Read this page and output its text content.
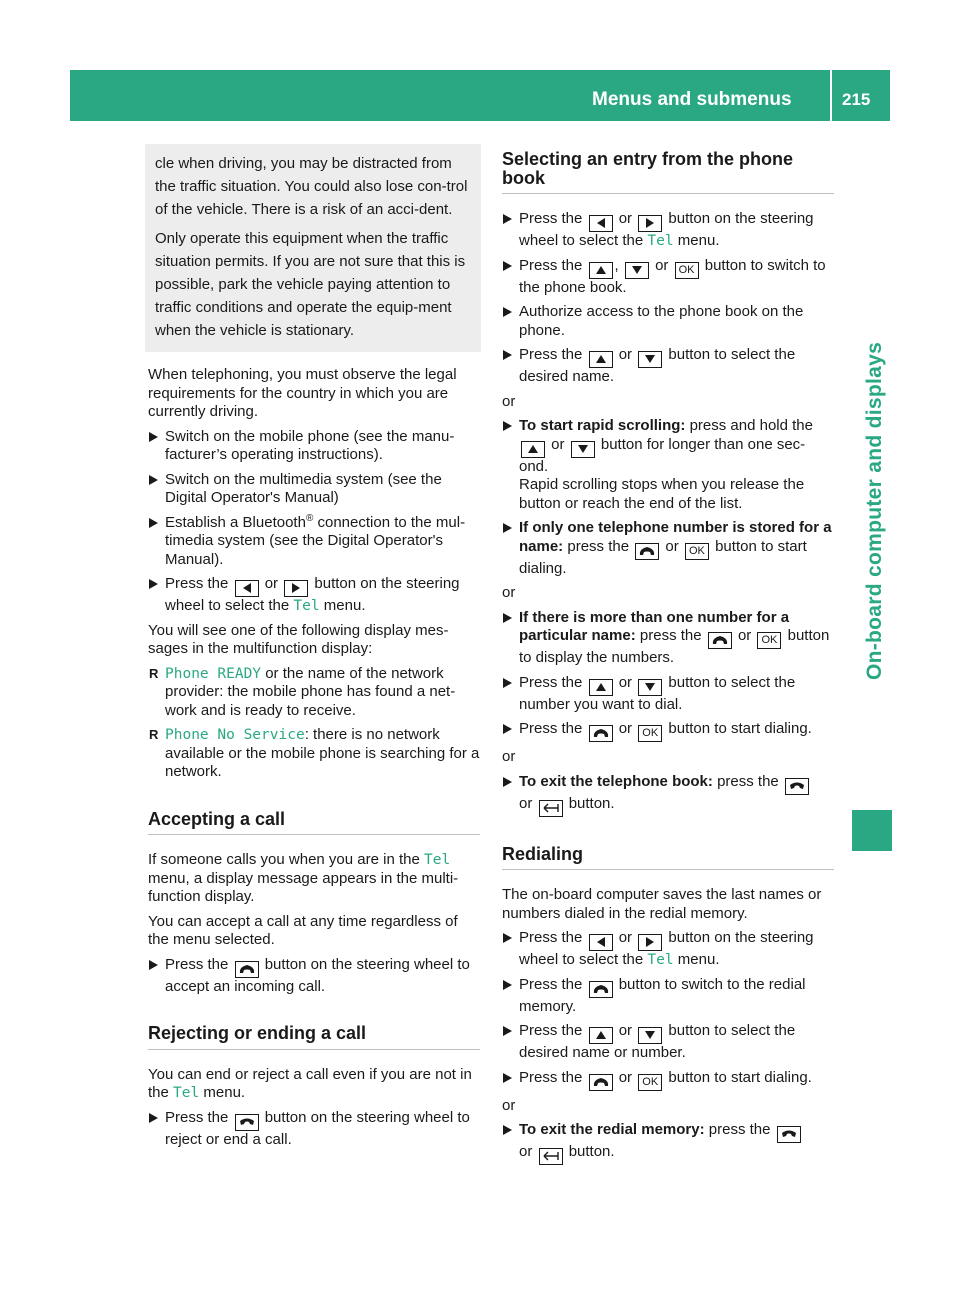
Menus and submenus	215
On-board computer and displays

cle when driving, you may be distracted from the traffic situation. You could also lose con-trol of the vehicle. There is a risk of an acci-dent.

Only operate this equipment when the traffic situation permits. If you are not sure that this is possible, park the vehicle paying attention to traffic conditions and operate the equip-ment when the vehicle is stationary.

When telephoning, you must observe the legal requirements for the country in which you are currently driving.

Switch on the mobile phone (see the manu-facturer’s operating instructions).
Switch on the multimedia system (see the Digital Operator's Manual)
Establish a Bluetooth® connection to the mul-timedia system (see the Digital Operator's Manual).
Press the or button on the steering wheel to select the Tel menu.

You will see one of the following display mes-sages in the multifunction display:

R Phone READY or the name of the network provider: the mobile phone has found a net-work and is ready to receive.
R Phone No Service: there is no network available or the mobile phone is searching for a network.
Accepting a call

If someone calls you when you are in the Tel menu, a display message appears in the multi-function display.

You can accept a call at any time regardless of the menu selected.

Press the button on the steering wheel to accept an incoming call.
Rejecting or ending a call

You can end or reject a call even if you are not in the Tel menu.

Press the button on the steering wheel to reject or end a call.
Selecting an entry from the phone book
Press the or button on the steering wheel to select the Tel menu.
Press the , or OK button to switch to the phone book.
Authorize access to the phone book on the phone.
Press the or button to select the desired name.
or
To start rapid scrolling: press and hold the  or button for longer than one sec-ond.
Rapid scrolling stops when you release the button or reach the end of the list.
If only one telephone number is stored for a name: press the or OK button to start dialing.
or
If there is more than one number for a particular name: press the or OK button to display the numbers.
Press the or button to select the number you want to dial.
Press the or OK button to start dialing.
or
To exit the telephone book: press the
or button.
Redialing

The on-board computer saves the last names or numbers dialed in the redial memory.

Press the or button on the steering wheel to select the Tel menu.
Press the button to switch to the redial memory.
Press the or button to select the desired name or number.
Press the or OK button to start dialing.
or
To exit the redial memory: press the
or button.
